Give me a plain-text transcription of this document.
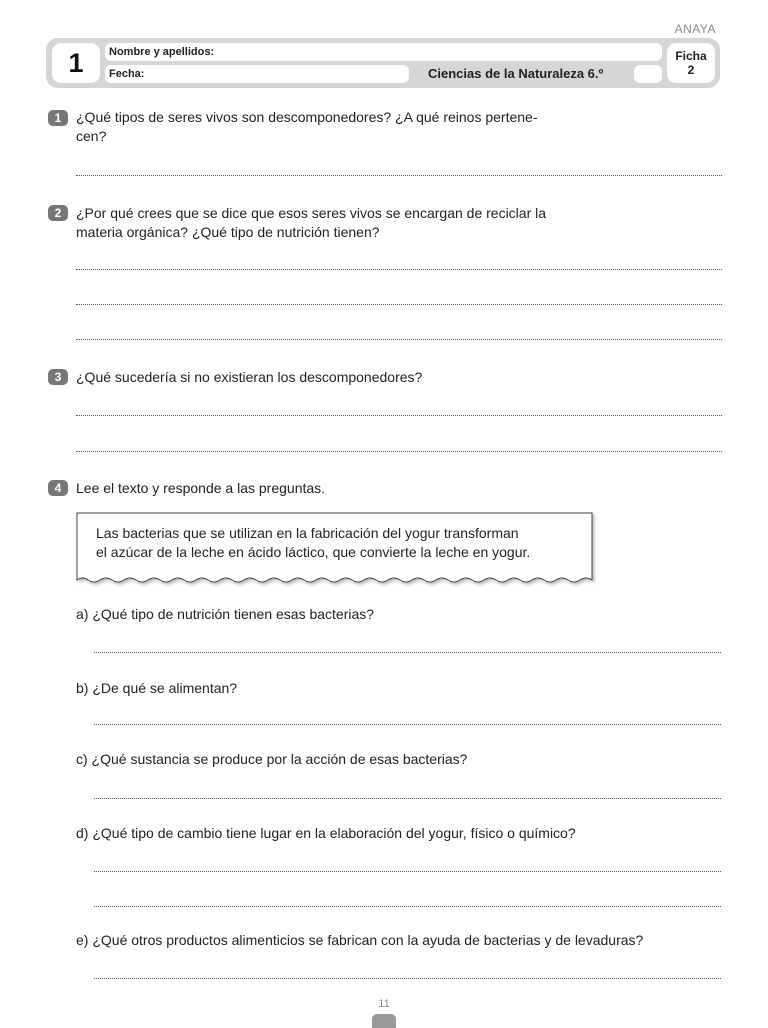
ANAYA
1	Nombre y apellidos:
Fecha:	Ciencias de la Naturaleza 6.º
Ficha
2
1	¿Qué tipos de seres vivos son descomponedores? ¿A qué reinos pertene-
cen?
2	¿Por qué crees que se dice que esos seres vivos se encargan de reciclar la
materia orgánica? ¿Qué tipo de nutrición tienen?
3	¿Qué sucedería si no existieran los descomponedores?
4	Lee el texto y responde a las preguntas.
Las bacterias que se utilizan en la fabricación del yogur transforman
el azúcar de la leche en ácido láctico, que convierte la leche en yogur.
a) ¿Qué tipo de nutrición tienen esas bacterias?
b) ¿De qué se alimentan?
c) ¿Qué sustancia se produce por la acción de esas bacterias?
d) ¿Qué tipo de cambio tiene lugar en la elaboración del yogur, físico o químico?
e) ¿Qué otros productos alimenticios se fabrican con la ayuda de bacterias y de levaduras?
11
